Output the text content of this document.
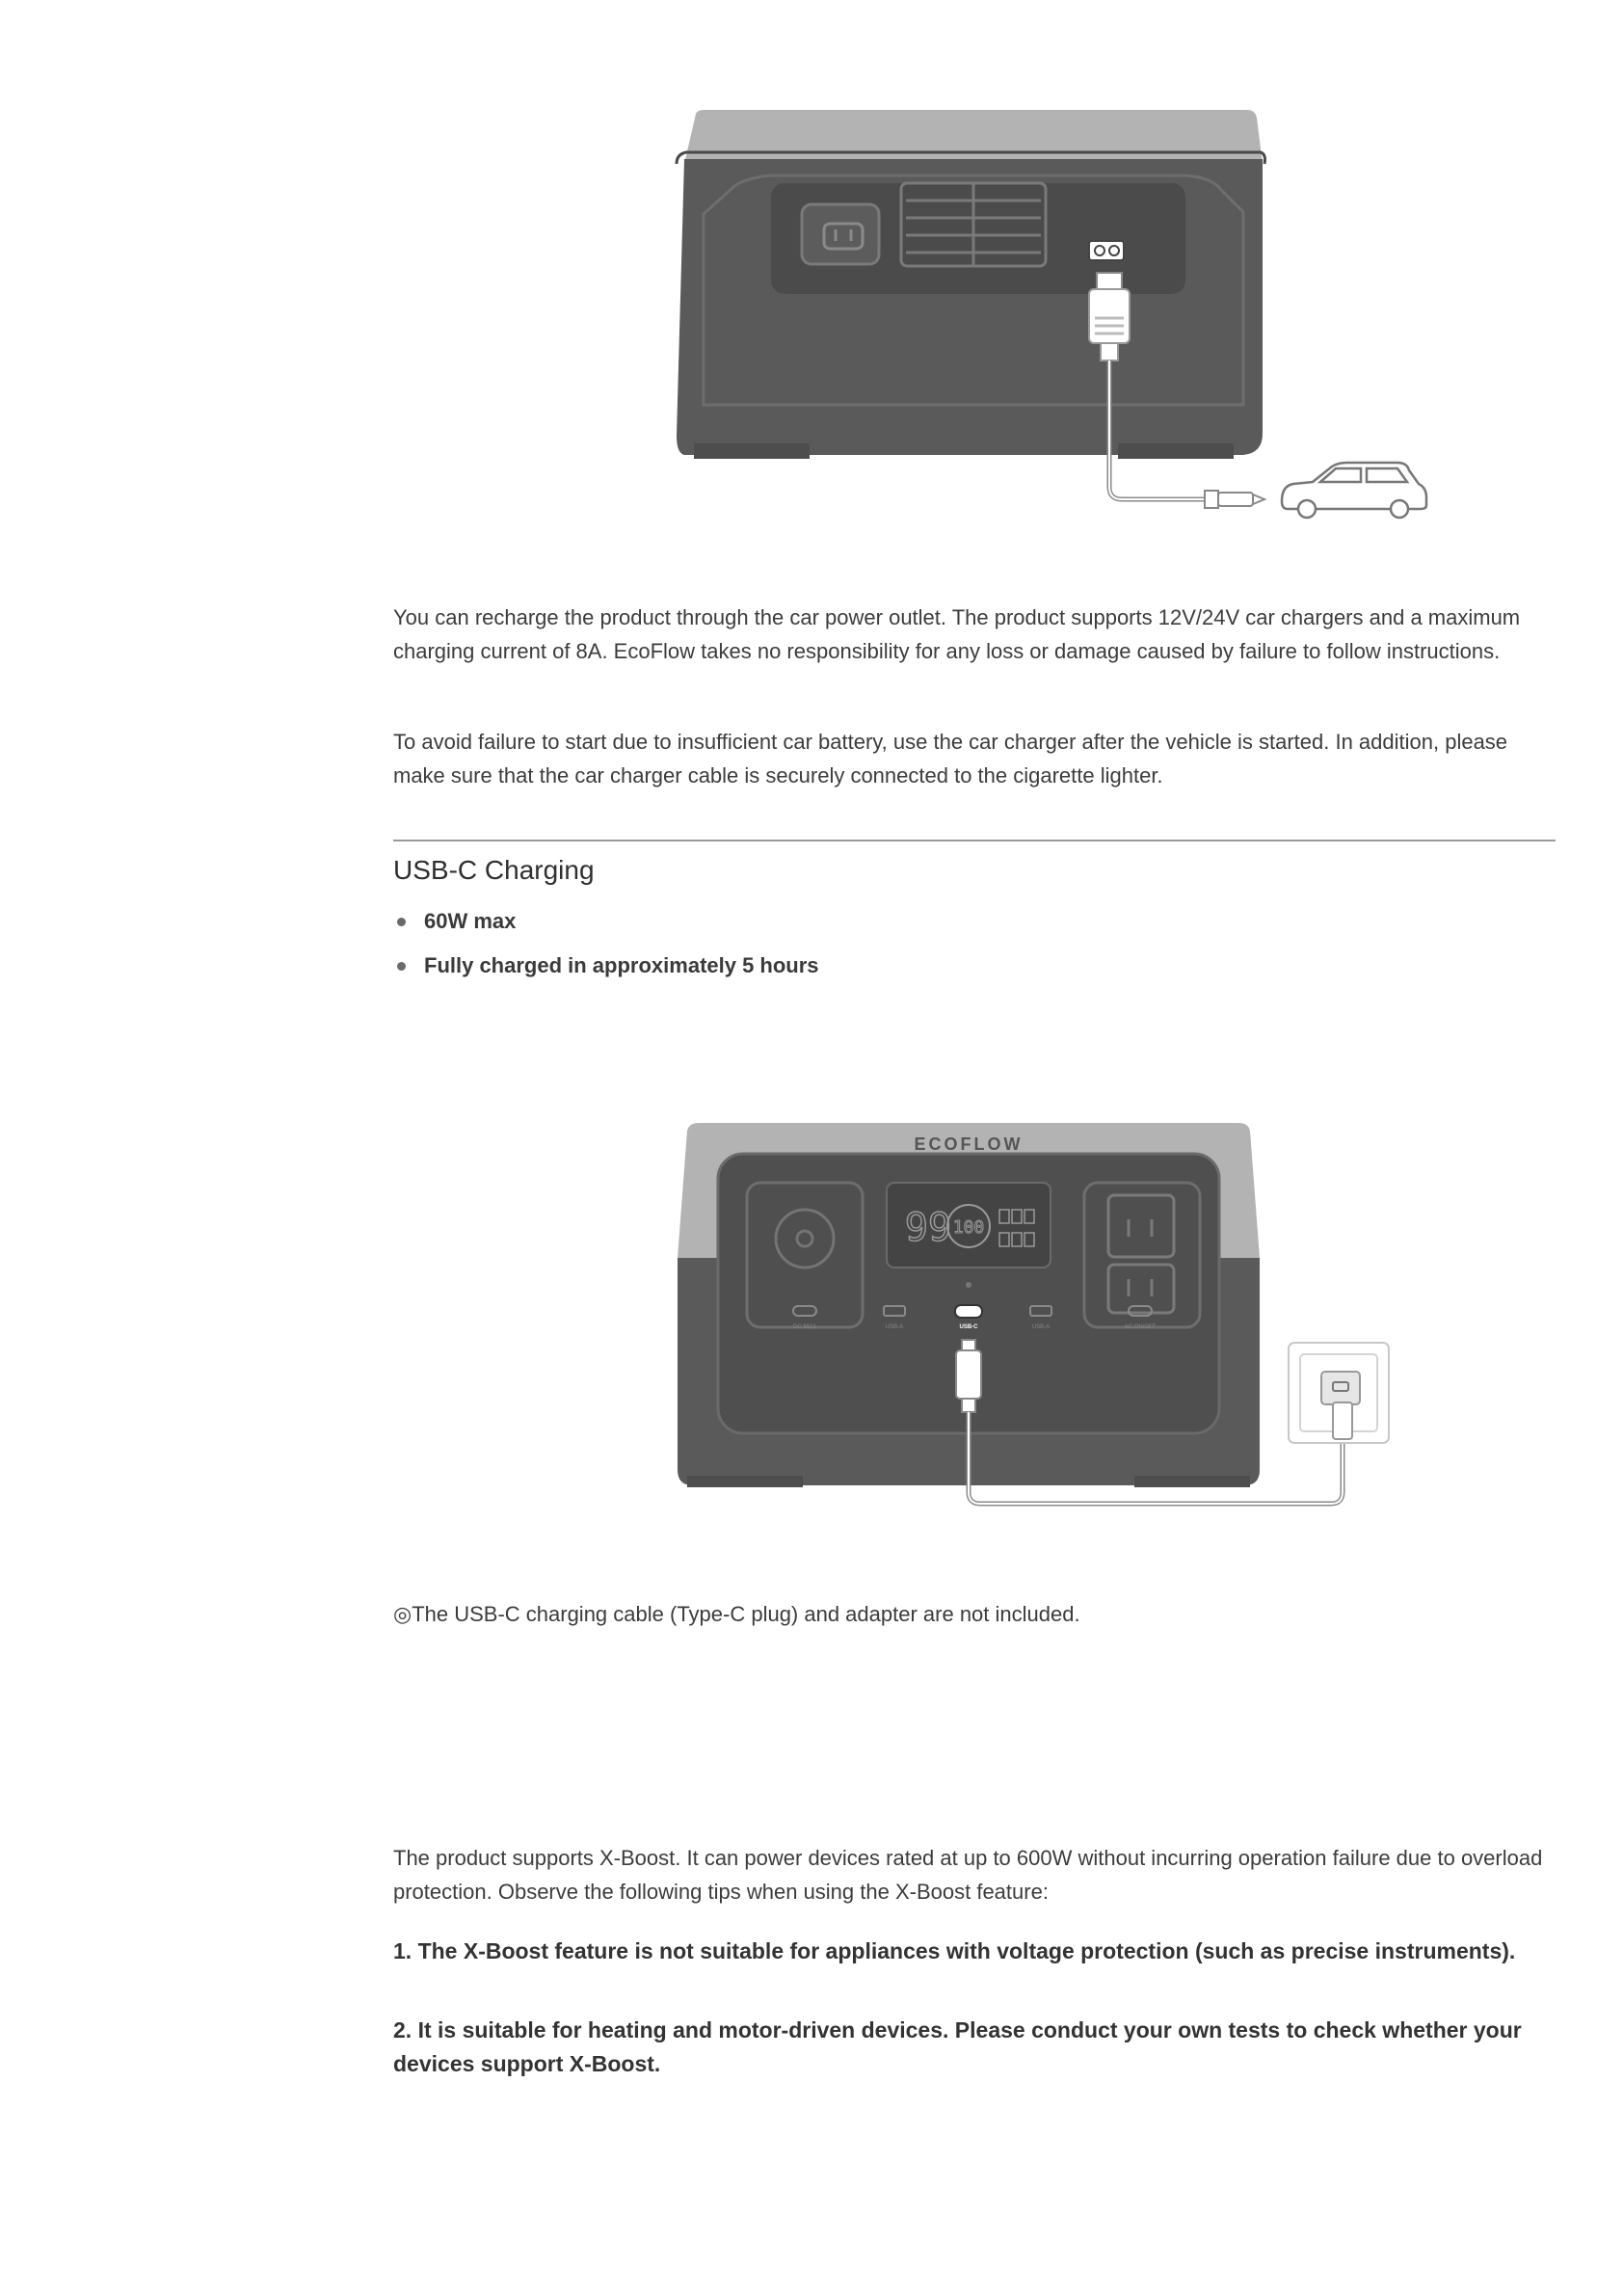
You can recharge the product through the car power outlet. The product supports 12V/24V car chargers and a maximum charging current of 8A. EcoFlow takes no responsibility for any loss or damage caused by failure to follow instructions.

To avoid failure to start due to insufficient car battery, use the car charger after the vehicle is started. In addition, please make sure that the car charger cable is securely connected to the cigarette lighter.

USB-C Charging
60W max
Fully charged in approximately 5 hours
ECOFLOW
99 100
DC 5521	USB-A	USB-C	USB-A	AC ON/OFF

◎The USB-C charging cable (Type-C plug) and adapter are not included.

The product supports X-Boost. It can power devices rated at up to 600W without incurring operation failure due to overload protection. Observe the following tips when using the X-Boost feature:

1. The X-Boost feature is not suitable for appliances with voltage protection (such as precise instruments).

2. It is suitable for heating and motor-driven devices. Please conduct your own tests to check whether your devices support X-Boost.
